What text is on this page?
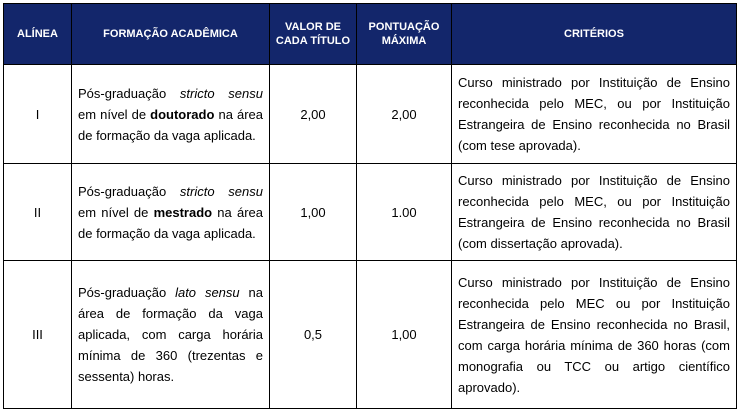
ALÍNEA	FORMAÇÃO ACADÊMICA	VALOR DE CADA TÍTULO	PONTUAÇÃO MÁXIMA	CRITÉRIOS
I	Pós-graduação stricto sensu em nível de doutorado na área de formação da vaga aplicada.	2,00	2,00	Curso ministrado por Instituição de Ensino reconhecida pelo MEC, ou por Instituição Estrangeira de Ensino reconhecida no Brasil (com tese aprovada).
II	Pós-graduação stricto sensu em nível de mestrado na área de formação da vaga aplicada.	1,00	1.00	Curso ministrado por Instituição de Ensino reconhecida pelo MEC, ou por Instituição Estrangeira de Ensino reconhecida no Brasil (com dissertação aprovada).
III	Pós-graduação lato sensu na área de formação da vaga aplicada, com carga horária mínima de 360 (trezentas e sessenta) horas.	0,5	1,00	Curso ministrado por Instituição de Ensino reconhecida pelo MEC ou por Instituição Estrangeira de Ensino reconhecida no Brasil, com carga horária mínima de 360 horas (com monografia ou TCC ou artigo científico aprovado).
